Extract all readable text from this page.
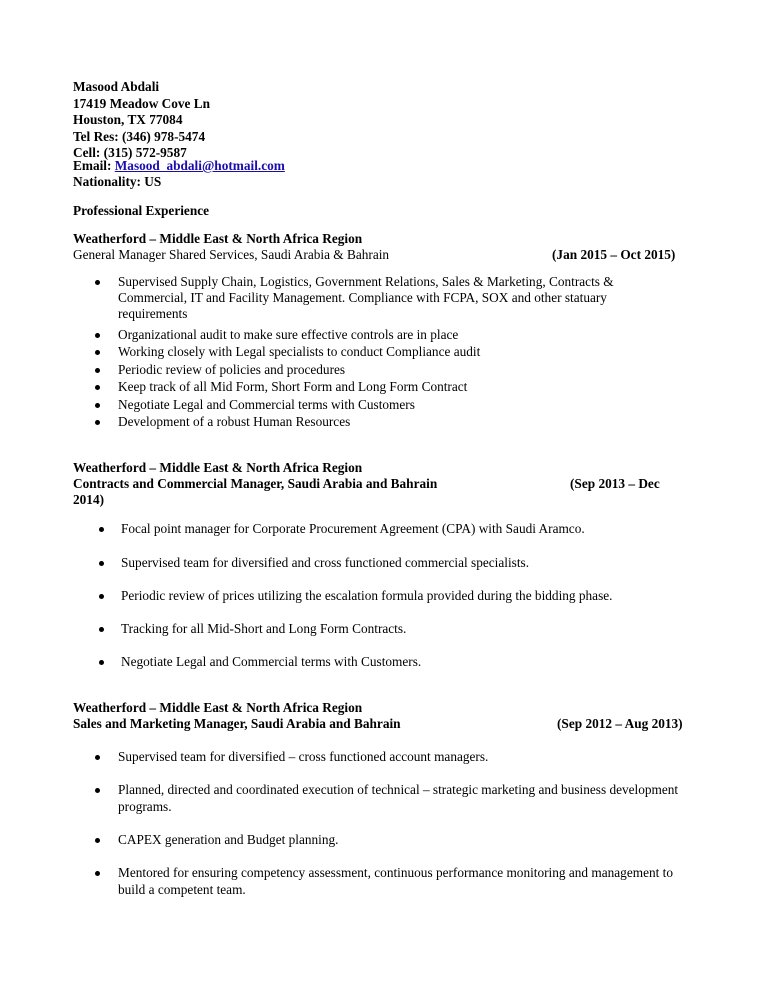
Masood Abdali
17419 Meadow Cove Ln
Houston, TX 77084
Tel Res: (346) 978-5474
Cell: (315) 572-9587
Email: Masood_abdali@hotmail.com
Nationality: US
Professional Experience
Weatherford – Middle East & North Africa Region
General Manager Shared Services, Saudi Arabia & Bahrain	(Jan 2015 – Oct 2015)
Supervised Supply Chain, Logistics, Government Relations, Sales & Marketing, Contracts &
Commercial, IT and Facility Management. Compliance with FCPA, SOX and other statuary
requirements
Organizational audit to make sure effective controls are in place
Working closely with Legal specialists to conduct Compliance audit
Periodic review of policies and procedures
Keep track of all Mid Form, Short Form and Long Form Contract
Negotiate Legal and Commercial terms with Customers
Development of a robust Human Resources
Weatherford – Middle East & North Africa Region
Contracts and Commercial Manager, Saudi Arabia and Bahrain	(Sep 2013 – Dec
2014)
Focal point manager for Corporate Procurement Agreement (CPA) with Saudi Aramco.
Supervised team for diversified and cross functioned commercial specialists.
Periodic review of prices utilizing the escalation formula provided during the bidding phase.
Tracking for all Mid-Short and Long Form Contracts.
Negotiate Legal and Commercial terms with Customers.
Weatherford – Middle East & North Africa Region
Sales and Marketing Manager, Saudi Arabia and Bahrain	(Sep 2012 – Aug 2013)
Supervised team for diversified – cross functioned account managers.
Planned, directed and coordinated execution of technical – strategic marketing and business development
programs.
CAPEX generation and Budget planning.
Mentored for ensuring competency assessment, continuous performance monitoring and management to
build a competent team.
